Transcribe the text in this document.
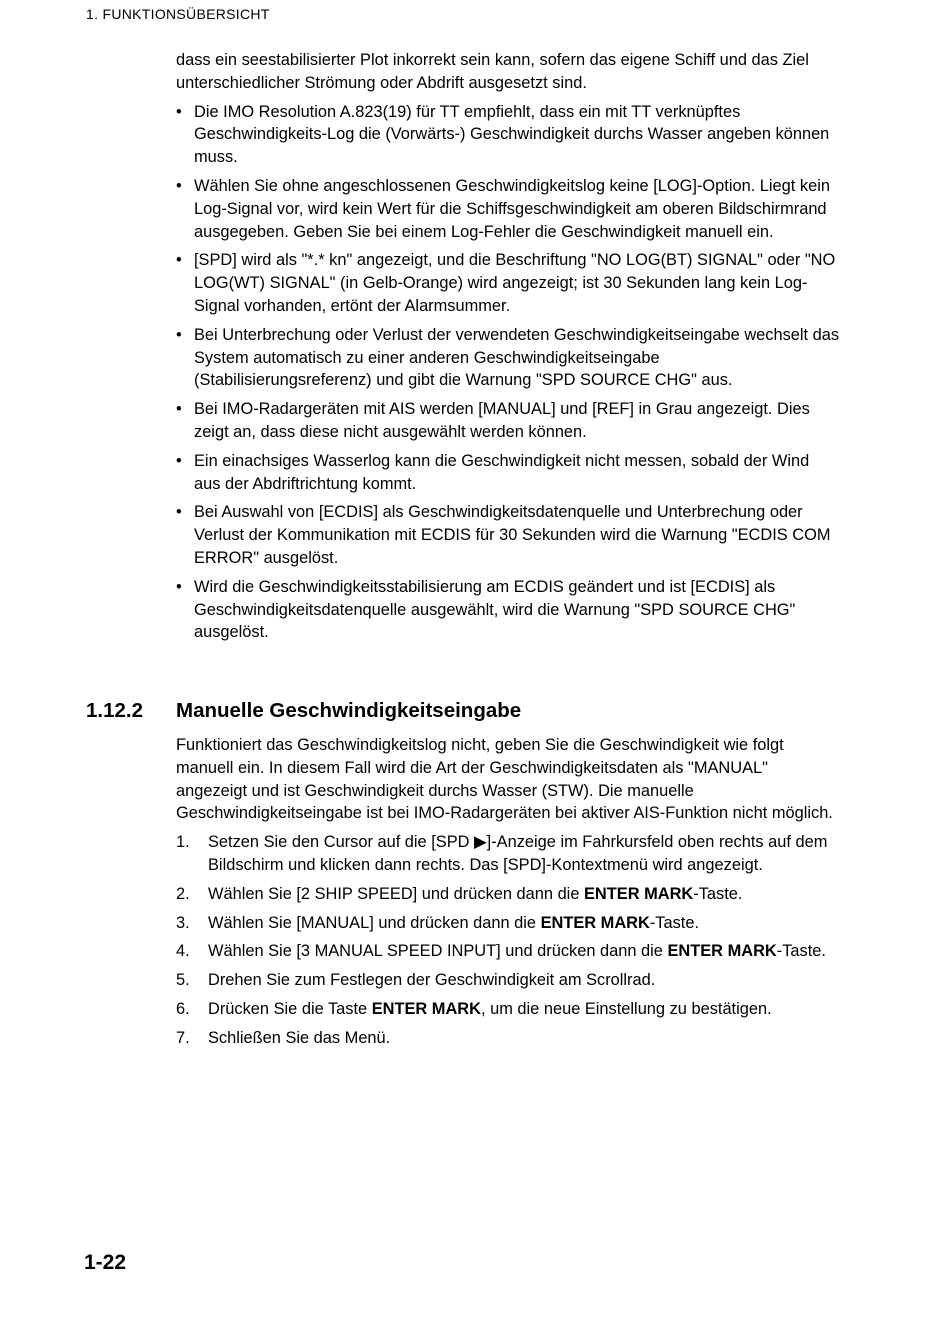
1. FUNKTIONSÜBERSICHT

dass ein seestabilisierter Plot inkorrekt sein kann, sofern das eigene Schiff und das Ziel unterschiedlicher Strömung oder Abdrift ausgesetzt sind.

• Die IMO Resolution A.823(19) für TT empfiehlt, dass ein mit TT verknüpftes Geschwindigkeits-Log die (Vorwärts-) Geschwindigkeit durchs Wasser angeben können muss.
• Wählen Sie ohne angeschlossenen Geschwindigkeitslog keine [LOG]-Option. Liegt kein Log-Signal vor, wird kein Wert für die Schiffsgeschwindigkeit am oberen Bildschirmrand ausgegeben. Geben Sie bei einem Log-Fehler die Geschwindigkeit manuell ein.
• [SPD] wird als "*.* kn" angezeigt, und die Beschriftung "NO LOG(BT) SIGNAL" oder "NO LOG(WT) SIGNAL" (in Gelb-Orange) wird angezeigt; ist 30 Sekunden lang kein Log-Signal vorhanden, ertönt der Alarmsummer.
• Bei Unterbrechung oder Verlust der verwendeten Geschwindigkeitseingabe wechselt das System automatisch zu einer anderen Geschwindigkeitseingabe (Stabilisierungsreferenz) und gibt die Warnung "SPD SOURCE CHG" aus.
• Bei IMO-Radargeräten mit AIS werden [MANUAL] und [REF] in Grau angezeigt. Dies zeigt an, dass diese nicht ausgewählt werden können.
• Ein einachsiges Wasserlog kann die Geschwindigkeit nicht messen, sobald der Wind aus der Abdriftrichtung kommt.
• Bei Auswahl von [ECDIS] als Geschwindigkeitsdatenquelle und Unterbrechung oder Verlust der Kommunikation mit ECDIS für 30 Sekunden wird die Warnung "ECDIS COM ERROR" ausgelöst.
• Wird die Geschwindigkeitsstabilisierung am ECDIS geändert und ist [ECDIS] als Geschwindigkeitsdatenquelle ausgewählt, wird die Warnung "SPD SOURCE CHG" ausgelöst.
1.12.2 Manuelle Geschwindigkeitseingabe

Funktioniert das Geschwindigkeitslog nicht, geben Sie die Geschwindigkeit wie folgt manuell ein. In diesem Fall wird die Art der Geschwindigkeitsdaten als "MANUAL" angezeigt und ist Geschwindigkeit durchs Wasser (STW). Die manuelle Geschwindigkeitseingabe ist bei IMO-Radargeräten bei aktiver AIS-Funktion nicht möglich.

1. Setzen Sie den Cursor auf die [SPD ▶]-Anzeige im Fahrkursfeld oben rechts auf dem Bildschirm und klicken dann rechts. Das [SPD]-Kontextmenü wird angezeigt.
2. Wählen Sie [2 SHIP SPEED] und drücken dann die ENTER MARK-Taste.
3. Wählen Sie [MANUAL] und drücken dann die ENTER MARK-Taste.
4. Wählen Sie [3 MANUAL SPEED INPUT] und drücken dann die ENTER MARK-Taste.
5. Drehen Sie zum Festlegen der Geschwindigkeit am Scrollrad.
6. Drücken Sie die Taste ENTER MARK, um die neue Einstellung zu bestätigen.
7. Schließen Sie das Menü.
1-22
